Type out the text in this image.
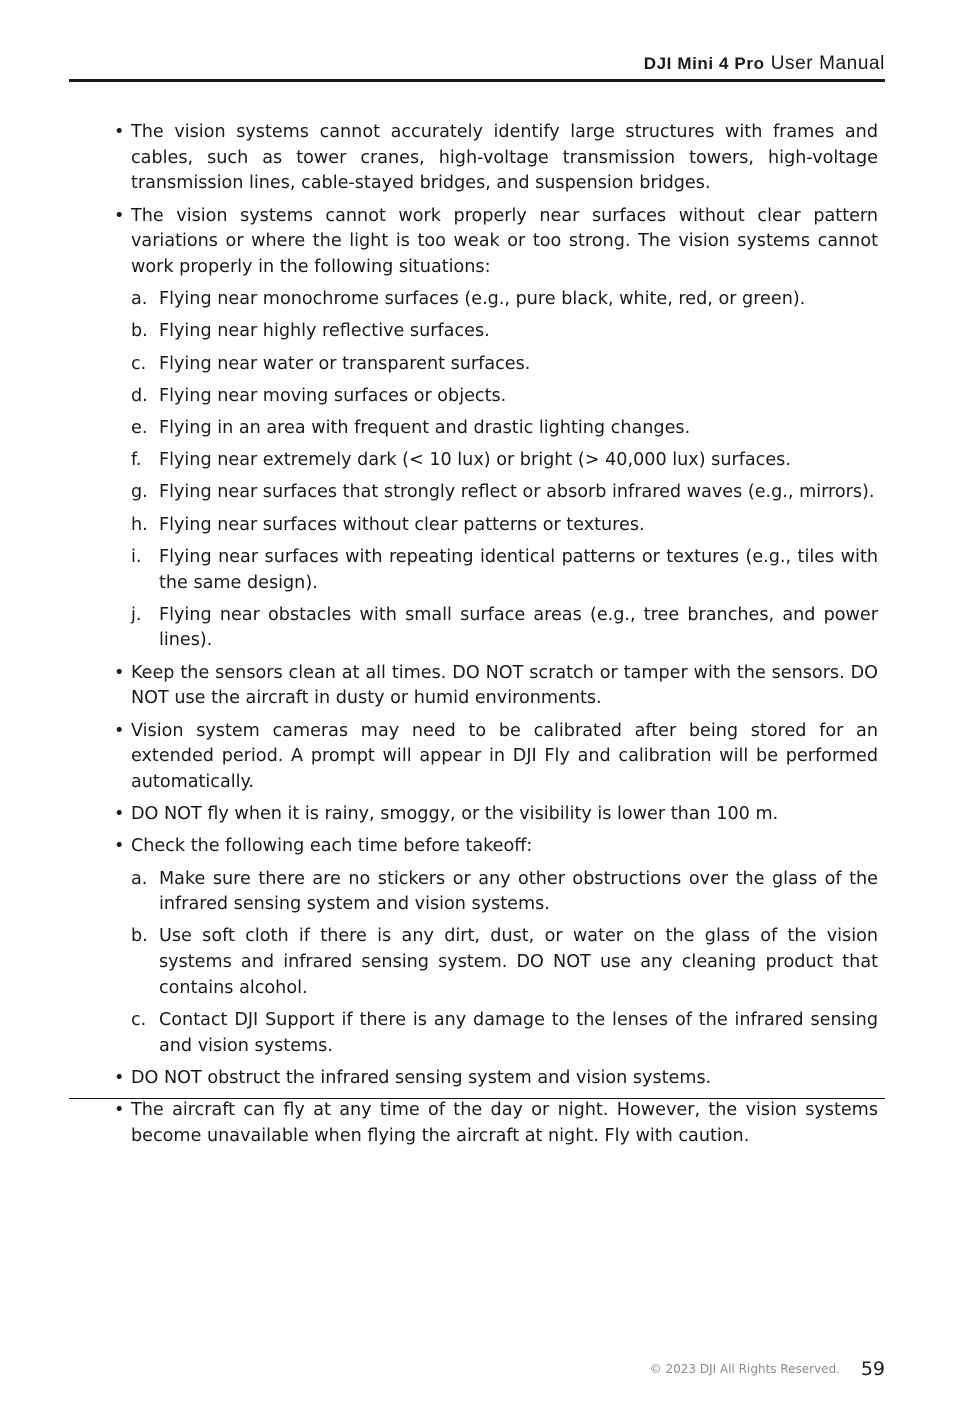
DJI Mini 4 Pro User Manual
• The vision systems cannot accurately identify large structures with frames and cables, such as tower cranes, high-voltage transmission towers, high-voltage transmission lines, cable-stayed bridges, and suspension bridges.
• The vision systems cannot work properly near surfaces without clear pattern variations or where the light is too weak or too strong. The vision systems cannot work properly in the following situations:
a. Flying near monochrome surfaces (e.g., pure black, white, red, or green).
b. Flying near highly reflective surfaces.
c. Flying near water or transparent surfaces.
d. Flying near moving surfaces or objects.
e. Flying in an area with frequent and drastic lighting changes.
f. Flying near extremely dark (< 10 lux) or bright (> 40,000 lux) surfaces.
g. Flying near surfaces that strongly reflect or absorb infrared waves (e.g., mirrors).
h. Flying near surfaces without clear patterns or textures.
i. Flying near surfaces with repeating identical patterns or textures (e.g., tiles with the same design).
j. Flying near obstacles with small surface areas (e.g., tree branches, and power lines).
• Keep the sensors clean at all times. DO NOT scratch or tamper with the sensors. DO NOT use the aircraft in dusty or humid environments.
• Vision system cameras may need to be calibrated after being stored for an extended period. A prompt will appear in DJI Fly and calibration will be performed automatically.
• DO NOT fly when it is rainy, smoggy, or the visibility is lower than 100 m.
• Check the following each time before takeoff:
a. Make sure there are no stickers or any other obstructions over the glass of the infrared sensing system and vision systems.
b. Use soft cloth if there is any dirt, dust, or water on the glass of the vision systems and infrared sensing system. DO NOT use any cleaning product that contains alcohol.
c. Contact DJI Support if there is any damage to the lenses of the infrared sensing and vision systems.
• DO NOT obstruct the infrared sensing system and vision systems.
• The aircraft can fly at any time of the day or night. However, the vision systems become unavailable when flying the aircraft at night. Fly with caution.
© 2023 DJI All Rights Reserved. 59
